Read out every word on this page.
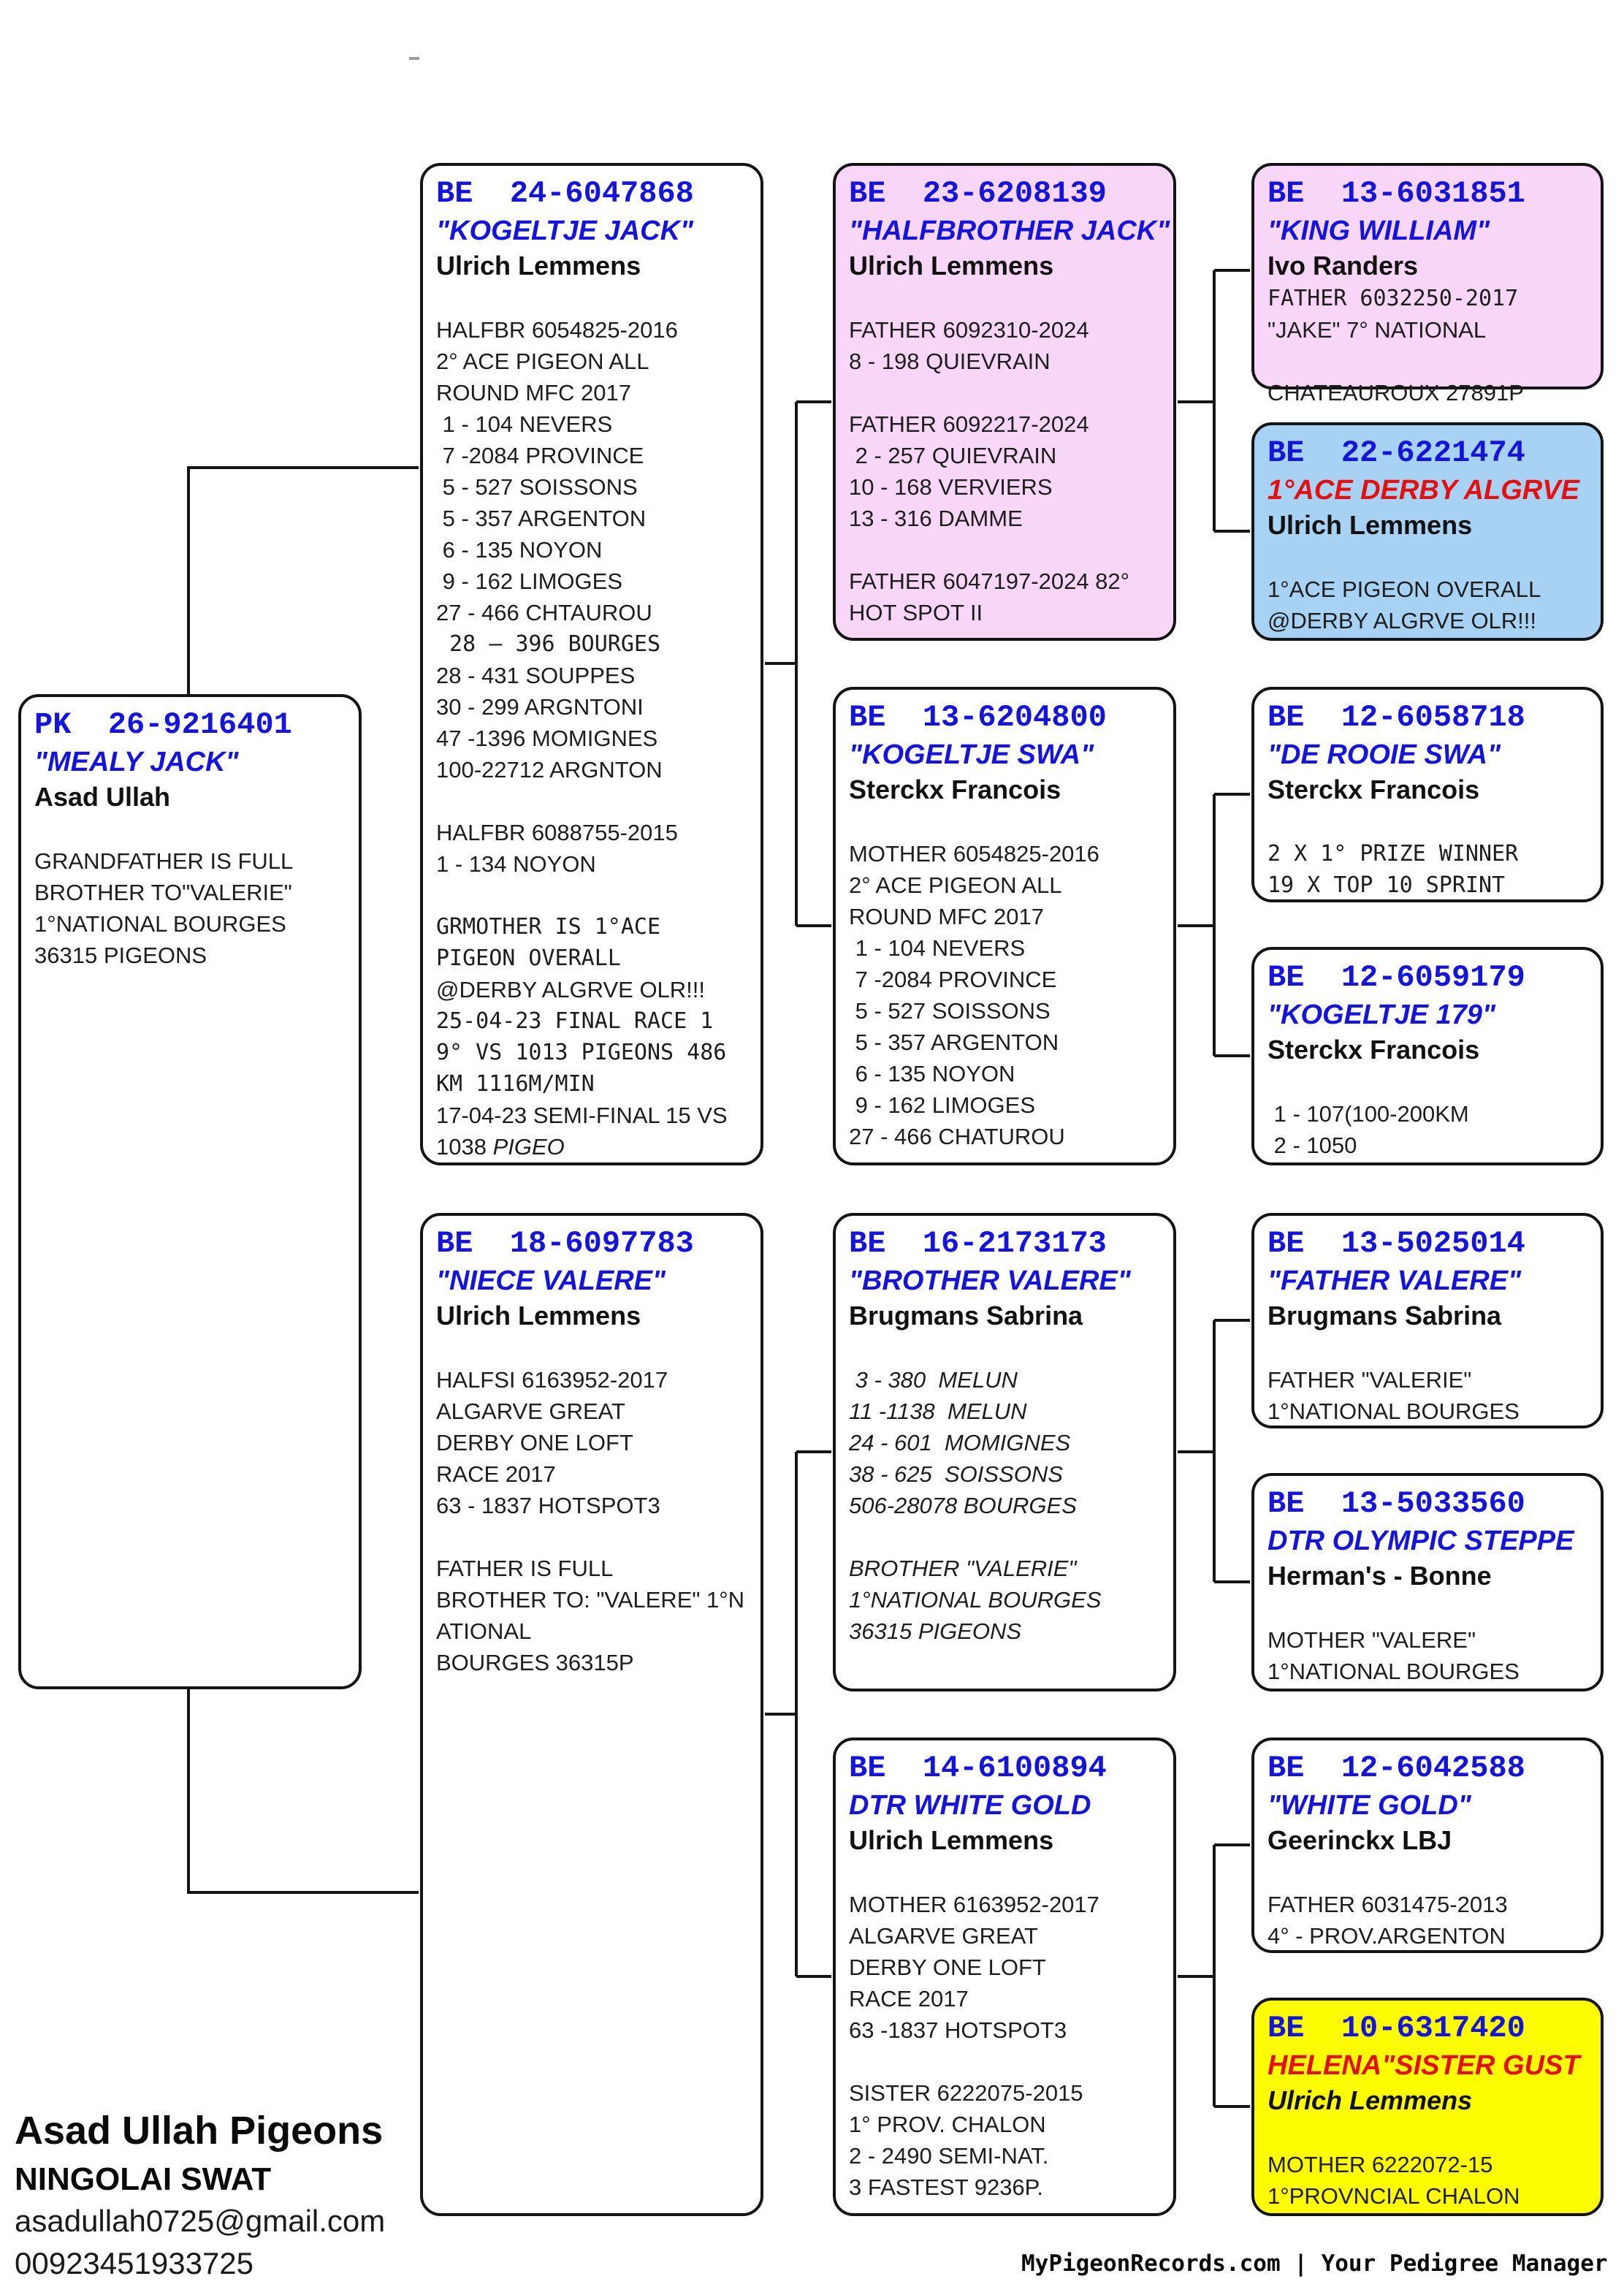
PK  26-9216401
"MEALY JACK"
Asad Ullah

GRANDFATHER IS FULL
BROTHER TO"VALERIE"
1°NATIONAL BOURGES
36315 PIGEONS
BE  24-6047868
"KOGELTJE JACK"
Ulrich Lemmens

HALFBR 6054825-2016
2° ACE PIGEON ALL
ROUND MFC 2017
1 - 104 NEVERS
7 -2084 PROVINCE
5 - 527 SOISSONS
5 - 357 ARGENTON
6 - 135 NOYON
9 - 162 LIMOGES
27 - 466 CHTAUROU
28 – 396 BOURGES
28 - 431 SOUPPES
30 - 299 ARGNTONI
47 -1396 MOMIGNES
100-22712 ARGNTON

HALFBR 6088755-2015
1 - 134 NOYON

GRMOTHER IS 1°ACE
PIGEON OVERALL
@DERBY ALGRVE OLR!!!
25-04-23 FINAL RACE 1
9° VS 1013 PIGEONS 486
KM 1116M/MIN
17-04-23 SEMI-FINAL 15 VS
1038 PIGEO
BE  18-6097783
"NIECE VALERE"
Ulrich Lemmens

HALFSI 6163952-2017
ALGARVE GREAT
DERBY ONE LOFT
RACE 2017
63 - 1837 HOTSPOT3

FATHER IS FULL
BROTHER TO: "VALERE" 1°N
ATIONAL
BOURGES 36315P
BE  23-6208139
"HALFBROTHER JACK"
Ulrich Lemmens

FATHER 6092310-2024
8 - 198 QUIEVRAIN

FATHER 6092217-2024
2 - 257 QUIEVRAIN
10 - 168 VERVIERS
13 - 316 DAMME

FATHER 6047197-2024 82°
HOT SPOT II
BE  13-6204800
"KOGELTJE SWA"
Sterckx Francois

MOTHER 6054825-2016
2° ACE PIGEON ALL
ROUND MFC 2017
1 - 104 NEVERS
7 -2084 PROVINCE
5 - 527 SOISSONS
5 - 357 ARGENTON
6 - 135 NOYON
9 - 162 LIMOGES
27 - 466 CHATUROU
BE  16-2173173
"BROTHER VALERE"
Brugmans Sabrina

3 - 380  MELUN
11 -1138  MELUN
24 - 601  MOMIGNES
38 - 625  SOISSONS
506-28078 BOURGES

BROTHER "VALERIE"
1°NATIONAL BOURGES
36315 PIGEONS
BE  14-6100894
DTR WHITE GOLD
Ulrich Lemmens

MOTHER 6163952-2017
ALGARVE GREAT
DERBY ONE LOFT
RACE 2017
63 -1837 HOTSPOT3

SISTER 6222075-2015
1° PROV. CHALON
2 - 2490 SEMI-NAT.
3 FASTEST 9236P.
BE  13-6031851
"KING WILLIAM"
Ivo Randers
FATHER 6032250-2017
"JAKE" 7° NATIONAL

CHATEAUROUX 27891P
BE  22-6221474
1°ACE DERBY ALGRVE
Ulrich Lemmens

1°ACE PIGEON OVERALL
@DERBY ALGRVE OLR!!!
BE  12-6058718
"DE ROOIE SWA"
Sterckx Francois

2 X 1° PRIZE WINNER
19 X TOP 10 SPRINT
BE  12-6059179
"KOGELTJE 179"
Sterckx Francois

1 - 107(100-200KM
2 - 1050
BE  13-5025014
"FATHER VALERE"
Brugmans Sabrina

FATHER "VALERIE"
1°NATIONAL BOURGES
BE  13-5033560
DTR OLYMPIC STEPPE
Herman's - Bonne

MOTHER "VALERE"
1°NATIONAL BOURGES
BE  12-6042588
"WHITE GOLD"
Geerinckx LBJ

FATHER 6031475-2013
4° - PROV.ARGENTON
BE  10-6317420
HELENA"SISTER GUST
Ulrich Lemmens

MOTHER 6222072-15
1°PROVNCIAL CHALON
Asad Ullah Pigeons
NINGOLAI SWAT
asadullah0725@gmail.com
00923451933725	MyPigeonRecords.com | Your Pedigree Manager
